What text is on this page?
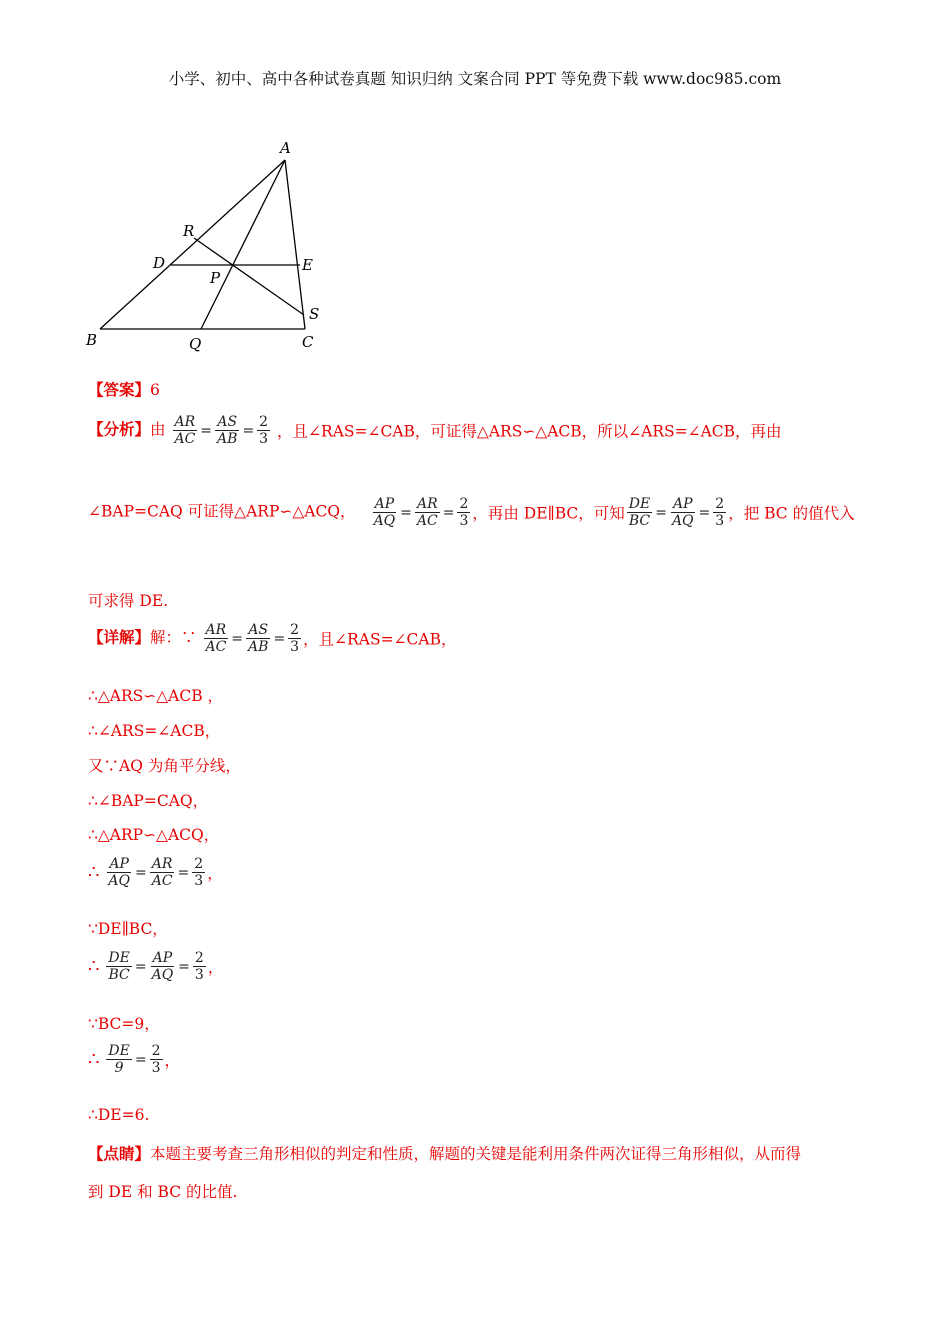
小学、初中、高中各种试卷真题 知识归纳 文案合同 PPT 等免费下载 www.doc985.com
A
B	C
D	E
P
Q
R
S
【答案】6
【分析】由 $\frac{AR}{AC} = \frac{AS}{AB} = \frac{2}{3}$ ，且∠RAS=∠CAB，可证得△ARS∽△ACB，所以∠ARS=∠ACB，再由
∠BAP=CAQ 可证得△ARP∽△ACQ， $\frac{AP}{AQ} = \frac{AR}{AC} = \frac{2}{3}$ ，再由 DE∥BC，可知 $\frac{DE}{BC} = \frac{AP}{AQ} = \frac{2}{3}$ ，把 BC 的值代入
可求得 DE.
【详解】解：∵ $\frac{AR}{AC} = \frac{AS}{AB} = \frac{2}{3}$ ，且∠RAS=∠CAB，
∴△ARS∽△ACB ，
∴∠ARS=∠ACB，
又∵AQ 为角平分线，
∴∠BAP=CAQ，
∴△ARP∽△ACQ，
∴ $\frac{AP}{AQ} = \frac{AR}{AC} = \frac{2}{3}$ ，
∵DE∥BC，
∴ $\frac{DE}{BC} = \frac{AP}{AQ} = \frac{2}{3}$ ，
∵BC=9，
∴ $\frac{DE}{9} = \frac{2}{3}$ ，
∴DE=6.
【点睛】本题主要考查三角形相似的判定和性质，解题的关键是能利用条件两次证得三角形相似，从而得
到 DE 和 BC 的比值.
